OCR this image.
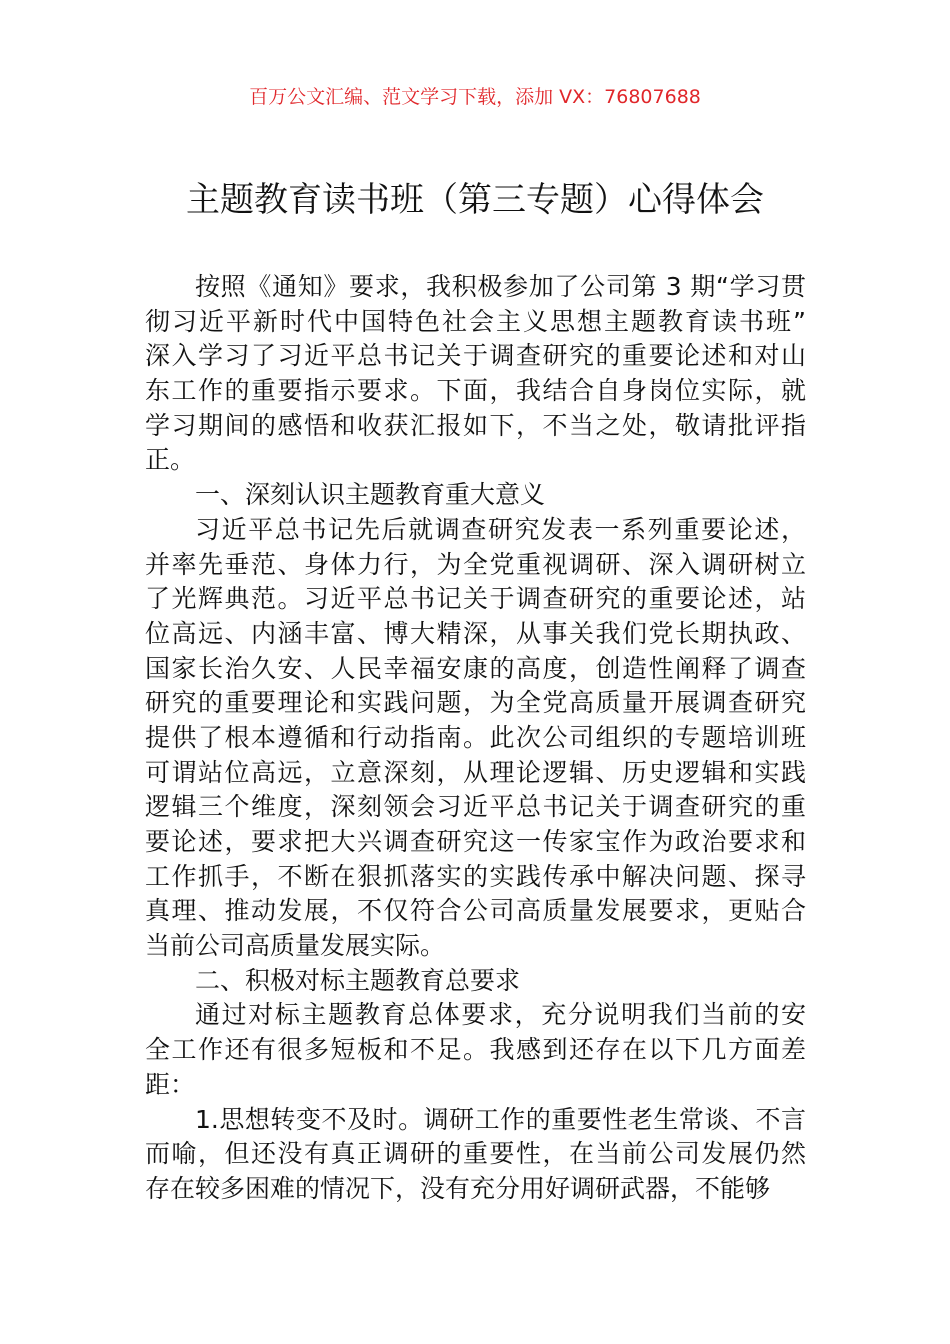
百万公文汇编、范文学习下载，添加 VX：76807688
主题教育读书班（第三专题）心得体会
按照《通知》要求，我积极参加了公司第 3 期“学习贯
彻习近平新时代中国特色社会主义思想主题教育读书班”
深入学习了习近平总书记关于调查研究的重要论述和对山
东工作的重要指示要求。下面，我结合自身岗位实际，就
学习期间的感悟和收获汇报如下，不当之处，敬请批评指
正。
一、深刻认识主题教育重大意义
习近平总书记先后就调查研究发表一系列重要论述，
并率先垂范、身体力行，为全党重视调研、深入调研树立
了光辉典范。习近平总书记关于调查研究的重要论述，站
位高远、内涵丰富、博大精深，从事关我们党长期执政、
国家长治久安、人民幸福安康的高度，创造性阐释了调查
研究的重要理论和实践问题，为全党高质量开展调查研究
提供了根本遵循和行动指南。此次公司组织的专题培训班
可谓站位高远，立意深刻，从理论逻辑、历史逻辑和实践
逻辑三个维度，深刻领会习近平总书记关于调查研究的重
要论述，要求把大兴调查研究这一传家宝作为政治要求和
工作抓手，不断在狠抓落实的实践传承中解决问题、探寻
真理、推动发展，不仅符合公司高质量发展要求，更贴合
当前公司高质量发展实际。
二、积极对标主题教育总要求
通过对标主题教育总体要求，充分说明我们当前的安
全工作还有很多短板和不足。我感到还存在以下几方面差
距：
1.思想转变不及时。调研工作的重要性老生常谈、不言
而喻，但还没有真正调研的重要性，在当前公司发展仍然
存在较多困难的情况下，没有充分用好调研武器，不能够
